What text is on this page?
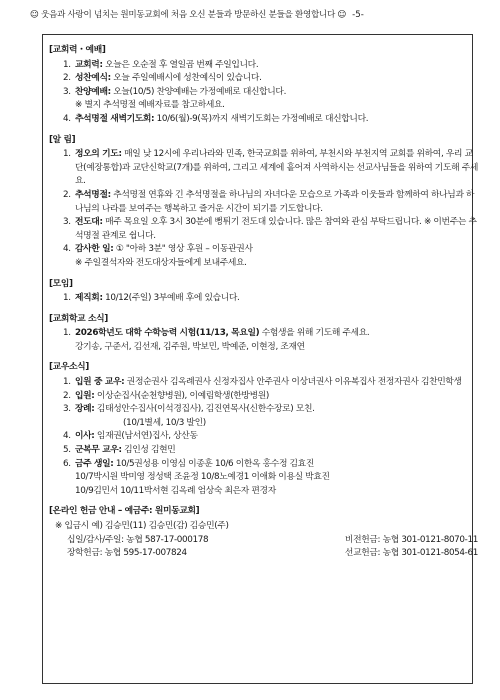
☺ 웃음과 사랑이 넘치는 원미동교회에 처음 오신 분들과 방문하신 분들을 환영합니다 ☺ -5-
[교회력・예배]
1. 교회력: 오늘은 오순절 후 열일곱 번째 주일입니다.
2. 성찬예식: 오늘 주일예배시에 성찬예식이 있습니다.
3. 찬양예배: 오늘(10/5) 찬양예배는 가정예배로 대신합니다.
※ 별지 추석명절 예배자료를 참고하세요.
4. 추석명절 새벽기도회: 10/6(월)-9(목)까지 새벽기도회는 가정예배로 대신합니다.
[알 림]
1. 정오의 기도: 매일 낮 12시에 우리나라와 민족, 한국교회를 위하여, 부천시와 부천지역 교회를 위하여, 우리 교단(예장통합)과 교단신학교(7개)를 위하여, 그리고 세계에 흩어져 사역하시는 선교사님들을 위하여 기도해 주세요.
2. 추석명절: 추석명절 연휴와 긴 추석명절을 하나님의 자녀다운 모습으로 가족과 이웃들과 함께하여 하나님과 하나님의 나라를 보여주는 행복하고 즐거운 시간이 되기를 기도합니다.
3. 전도대: 매주 목요일 오후 3시 30분에 뻥튀기 전도대 있습니다. 많은 참여와 관심 부탁드립니다. ※ 이번주는 추석명절 관계로 쉽니다.
4. 감사한 일: ① "아하 3분" 영상 후원 – 이동관권사
※ 주일결석자와 전도대상자들에게 보내주세요.
[모임]
1. 제직회: 10/12(주일) 3부예배 후에 있습니다.
[교회학교 소식]
1. 2026학년도 대학 수학능력 시험(11/13, 목요일) 수험생을 위해 기도해 주세요.
강기송, 구준서, 김선재, 김주원, 박보민, 박예준, 이현정, 조재연
[교우소식]
1. 입원 중 교우: 권정순권사 김옥례권사 신정자집사 안주권사 이상녀권사 이유복집사 전정자권사 김찬민학생
2. 입원: 이상순집사(순천향병원), 이예림학생(한방병원)
3. 장례: 김태성안수집사(이석경집사), 김진연목사(신한수장로) 모친.
(10/1별세, 10/3 발인)
4. 이사: 임재권(남서연)집사, 상산동
5. 군복무 교우: 김인성 김현민
6. 금주 생일: 10/5권성용 이영심 이종훈 10/6 이한옥 홍수정 김효진
10/7박시원 박미영 정성택 조윤정 10/8노예경1 이애화 이용실 박효진
10/9김민서 10/11박서현 김옥례 엄상숙 최은자 편경자
[온라인 헌금 안내 – 예금주: 원미동교회]
※ 입금시 예) 김승민(11) 김승민(감) 김승민(주)
십일/감사/주일: 농협 587-17-000178	비전헌금: 농협 301-0121-8070-11
장학헌금: 농협 595-17-007824	선교헌금: 농협 301-0121-8054-61
